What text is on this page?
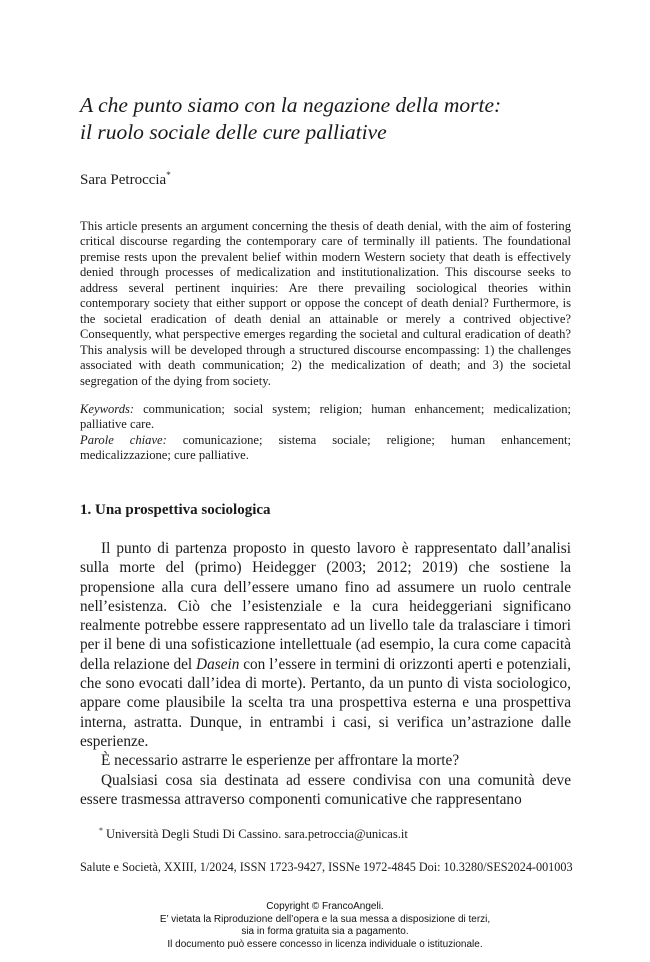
A che punto siamo con la negazione della morte:
il ruolo sociale delle cure palliative
Sara Petroccia*

This article presents an argument concerning the thesis of death denial, with the aim of fostering critical discourse regarding the contemporary care of terminally ill patients. The foundational premise rests upon the prevalent belief within modern Western society that death is effectively denied through processes of medicalization and institutionalization. This discourse seeks to address several pertinent inquiries: Are there prevailing sociological theories within contemporary society that either support or oppose the concept of death denial? Furthermore, is the societal eradication of death denial an attainable or merely a contrived objective? Consequently, what perspective emerges regarding the societal and cultural eradication of death? This analysis will be developed through a structured discourse encompassing: 1) the challenges associated with death communication; 2) the medicalization of death; and 3) the societal segregation of the dying from society.

Keywords: communication; social system; religion; human enhancement; medicalization; palliative care.

Parole chiave: comunicazione; sistema sociale; religione; human enhancement; medicalizzazione; cure palliative.

1. Una prospettiva sociologica

Il punto di partenza proposto in questo lavoro è rappresentato dall’analisi sulla morte del (primo) Heidegger (2003; 2012; 2019) che sostiene la propensione alla cura dell’essere umano fino ad assumere un ruolo centrale nell’esistenza. Ciò che l’esistenziale e la cura heideggeriani significano realmente potrebbe essere rappresentato ad un livello tale da tralasciare i timori per il bene di una sofisticazione intellettuale (ad esempio, la cura come capacità della relazione del Dasein con l’essere in termini di orizzonti aperti e potenziali, che sono evocati dall’idea di morte). Pertanto, da un punto di vista sociologico, appare come plausibile la scelta tra una prospettiva esterna e una prospettiva interna, astratta. Dunque, in entrambi i casi, si verifica un’astrazione dalle esperienze.

È necessario astrarre le esperienze per affrontare la morte?

Qualsiasi cosa sia destinata ad essere condivisa con una comunità deve essere trasmessa attraverso componenti comunicative che rappresentano

* Università Degli Studi Di Cassino. sara.petroccia@unicas.it
Salute e Società, XXIII, 1/2024, ISSN 1723-9427, ISSNe 1972-4845 Doi: 10.3280/SES2024-001003
Copyright © FrancoAngeli.
E’ vietata la Riproduzione dell’opera e la sua messa a disposizione di terzi,
sia in forma gratuita sia a pagamento.
Il documento può essere concesso in licenza individuale o istituzionale.
